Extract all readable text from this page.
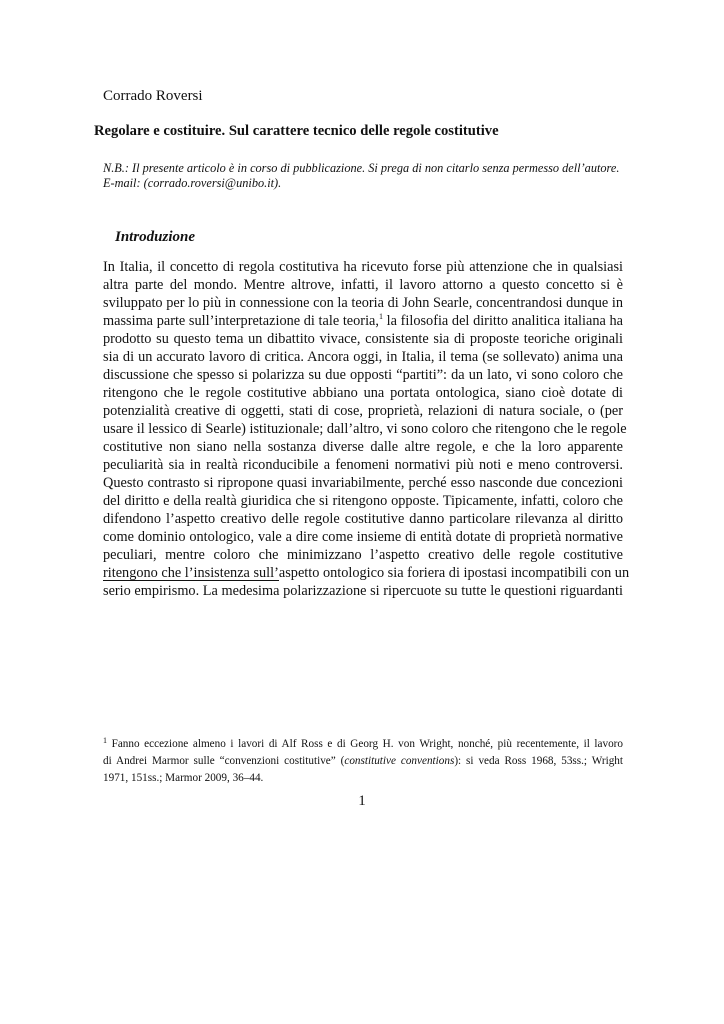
Corrado Roversi
Regolare e costituire. Sul carattere tecnico delle regole costitutive
N.B.: Il presente articolo è in corso di pubblicazione. Si prega di non citarlo senza permesso dell’autore.
E-mail: (corrado.roversi@unibo.it).
Introduzione
In Italia, il concetto di regola costitutiva ha ricevuto forse più attenzione che in qualsiasi
altra parte del mondo. Mentre altrove, infatti, il lavoro attorno a questo concetto si è
sviluppato per lo più in connessione con la teoria di John Searle, concentrandosi dunque in
massima parte sull’interpretazione di tale teoria,$^1$ la filosofia del diritto analitica italiana ha
prodotto su questo tema un dibattito vivace, consistente sia di proposte teoriche originali
sia di un accurato lavoro di critica. Ancora oggi, in Italia, il tema (se sollevato) anima una
discussione che spesso si polarizza su due opposti “partiti”: da un lato, vi sono coloro che
ritengono che le regole costitutive abbiano una portata ontologica, siano cioè dotate di
potenzialità creative di oggetti, stati di cose, proprietà, relazioni di natura sociale, o (per
usare il lessico di Searle) istituzionale; dall’altro, vi sono coloro che ritengono che le regole
costitutive non siano nella sostanza diverse dalle altre regole, e che la loro apparente
peculiarità sia in realtà riconducibile a fenomeni normativi più noti e meno controversi.
Questo contrasto si ripropone quasi invariabilmente, perché esso nasconde due concezioni
del diritto e della realtà giuridica che si ritengono opposte. Tipicamente, infatti, coloro che
difendono l’aspetto creativo delle regole costitutive danno particolare rilevanza al diritto
come dominio ontologico, vale a dire come insieme di entità dotate di proprietà normative
peculiari, mentre coloro che minimizzano l’aspetto creativo delle regole costitutive
ritengono che l’insistenza sull’aspetto ontologico sia foriera di ipostasi incompatibili con un
serio empirismo. La medesima polarizzazione si ripercuote su tutte le questioni riguardanti
$^1$ Fanno eccezione almeno i lavori di Alf Ross e di Georg H. von Wright, nonché, più recentemente, il lavoro
di Andrei Marmor sulle “convenzioni costitutive” (constitutive conventions): si veda Ross 1968, 53ss.; Wright
1971, 151ss.; Marmor 2009, 36–44.
1
